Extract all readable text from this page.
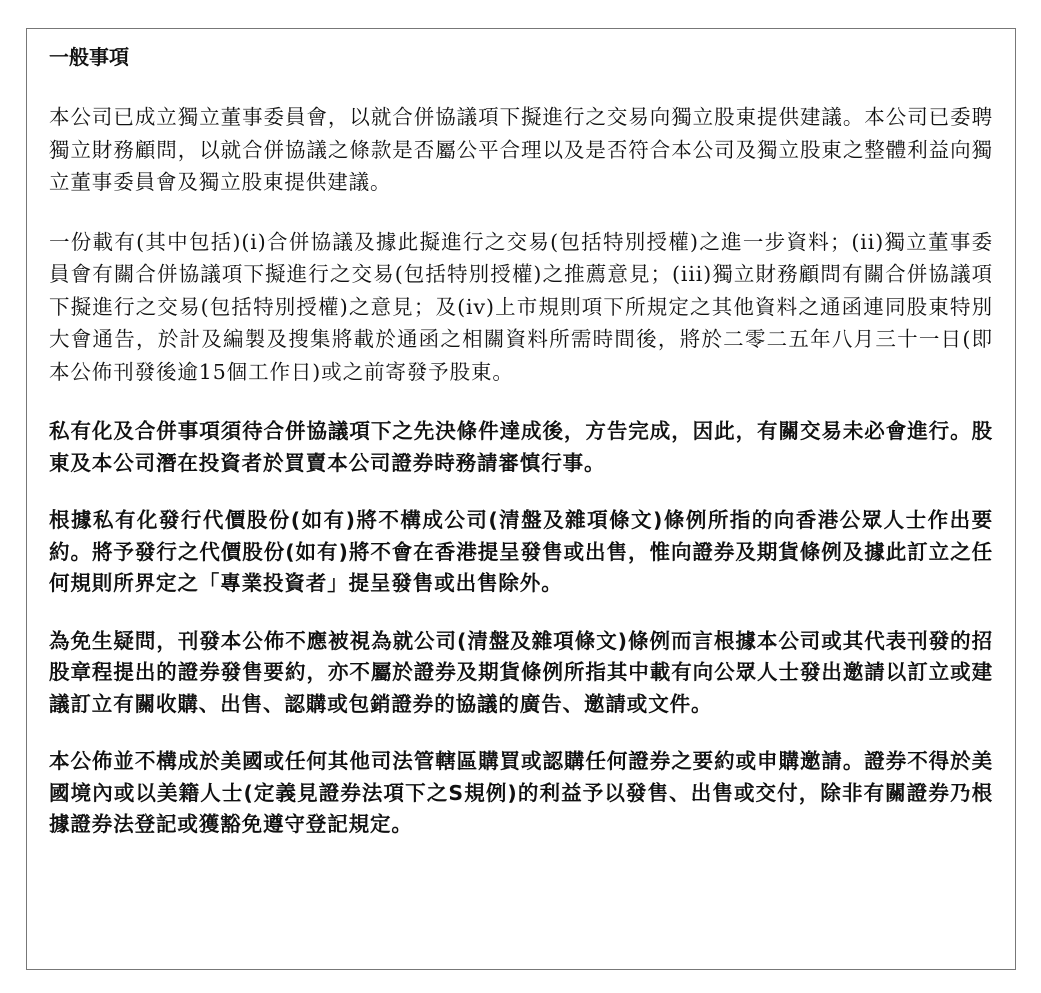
一般事項

本公司已成立獨立董事委員會，以就合併協議項下擬進行之交易向獨立股東提供建議。本公司已委聘獨立財務顧問，以就合併協議之條款是否屬公平合理以及是否符合本公司及獨立股東之整體利益向獨立董事委員會及獨立股東提供建議。

一份載有(其中包括)(i)合併協議及據此擬進行之交易(包括特別授權)之進一步資料；(ii)獨立董事委員會有關合併協議項下擬進行之交易(包括特別授權)之推薦意見；(iii)獨立財務顧問有關合併協議項下擬進行之交易(包括特別授權)之意見；及(iv)上市規則項下所規定之其他資料之通函連同股東特別大會通告，於計及編製及搜集將載於通函之相關資料所需時間後，將於二零二五年八月三十一日(即本公佈刊發後逾15個工作日)或之前寄發予股東。

私有化及合併事項須待合併協議項下之先決條件達成後，方告完成，因此，有關交易未必會進行。股東及本公司潛在投資者於買賣本公司證券時務請審慎行事。

根據私有化發行代價股份(如有)將不構成公司(清盤及雜項條文)條例所指的向香港公眾人士作出要約。將予發行之代價股份(如有)將不會在香港提呈發售或出售，惟向證券及期貨條例及據此訂立之任何規則所界定之「專業投資者」提呈發售或出售除外。

為免生疑問，刊發本公佈不應被視為就公司(清盤及雜項條文)條例而言根據本公司或其代表刊發的招股章程提出的證券發售要約，亦不屬於證券及期貨條例所指其中載有向公眾人士發出邀請以訂立或建議訂立有關收購、出售、認購或包銷證券的協議的廣告、邀請或文件。

本公佈並不構成於美國或任何其他司法管轄區購買或認購任何證券之要約或申購邀請。證券不得於美國境內或以美籍人士(定義見證券法項下之S規例)的利益予以發售、出售或交付，除非有關證券乃根據證券法登記或獲豁免遵守登記規定。
